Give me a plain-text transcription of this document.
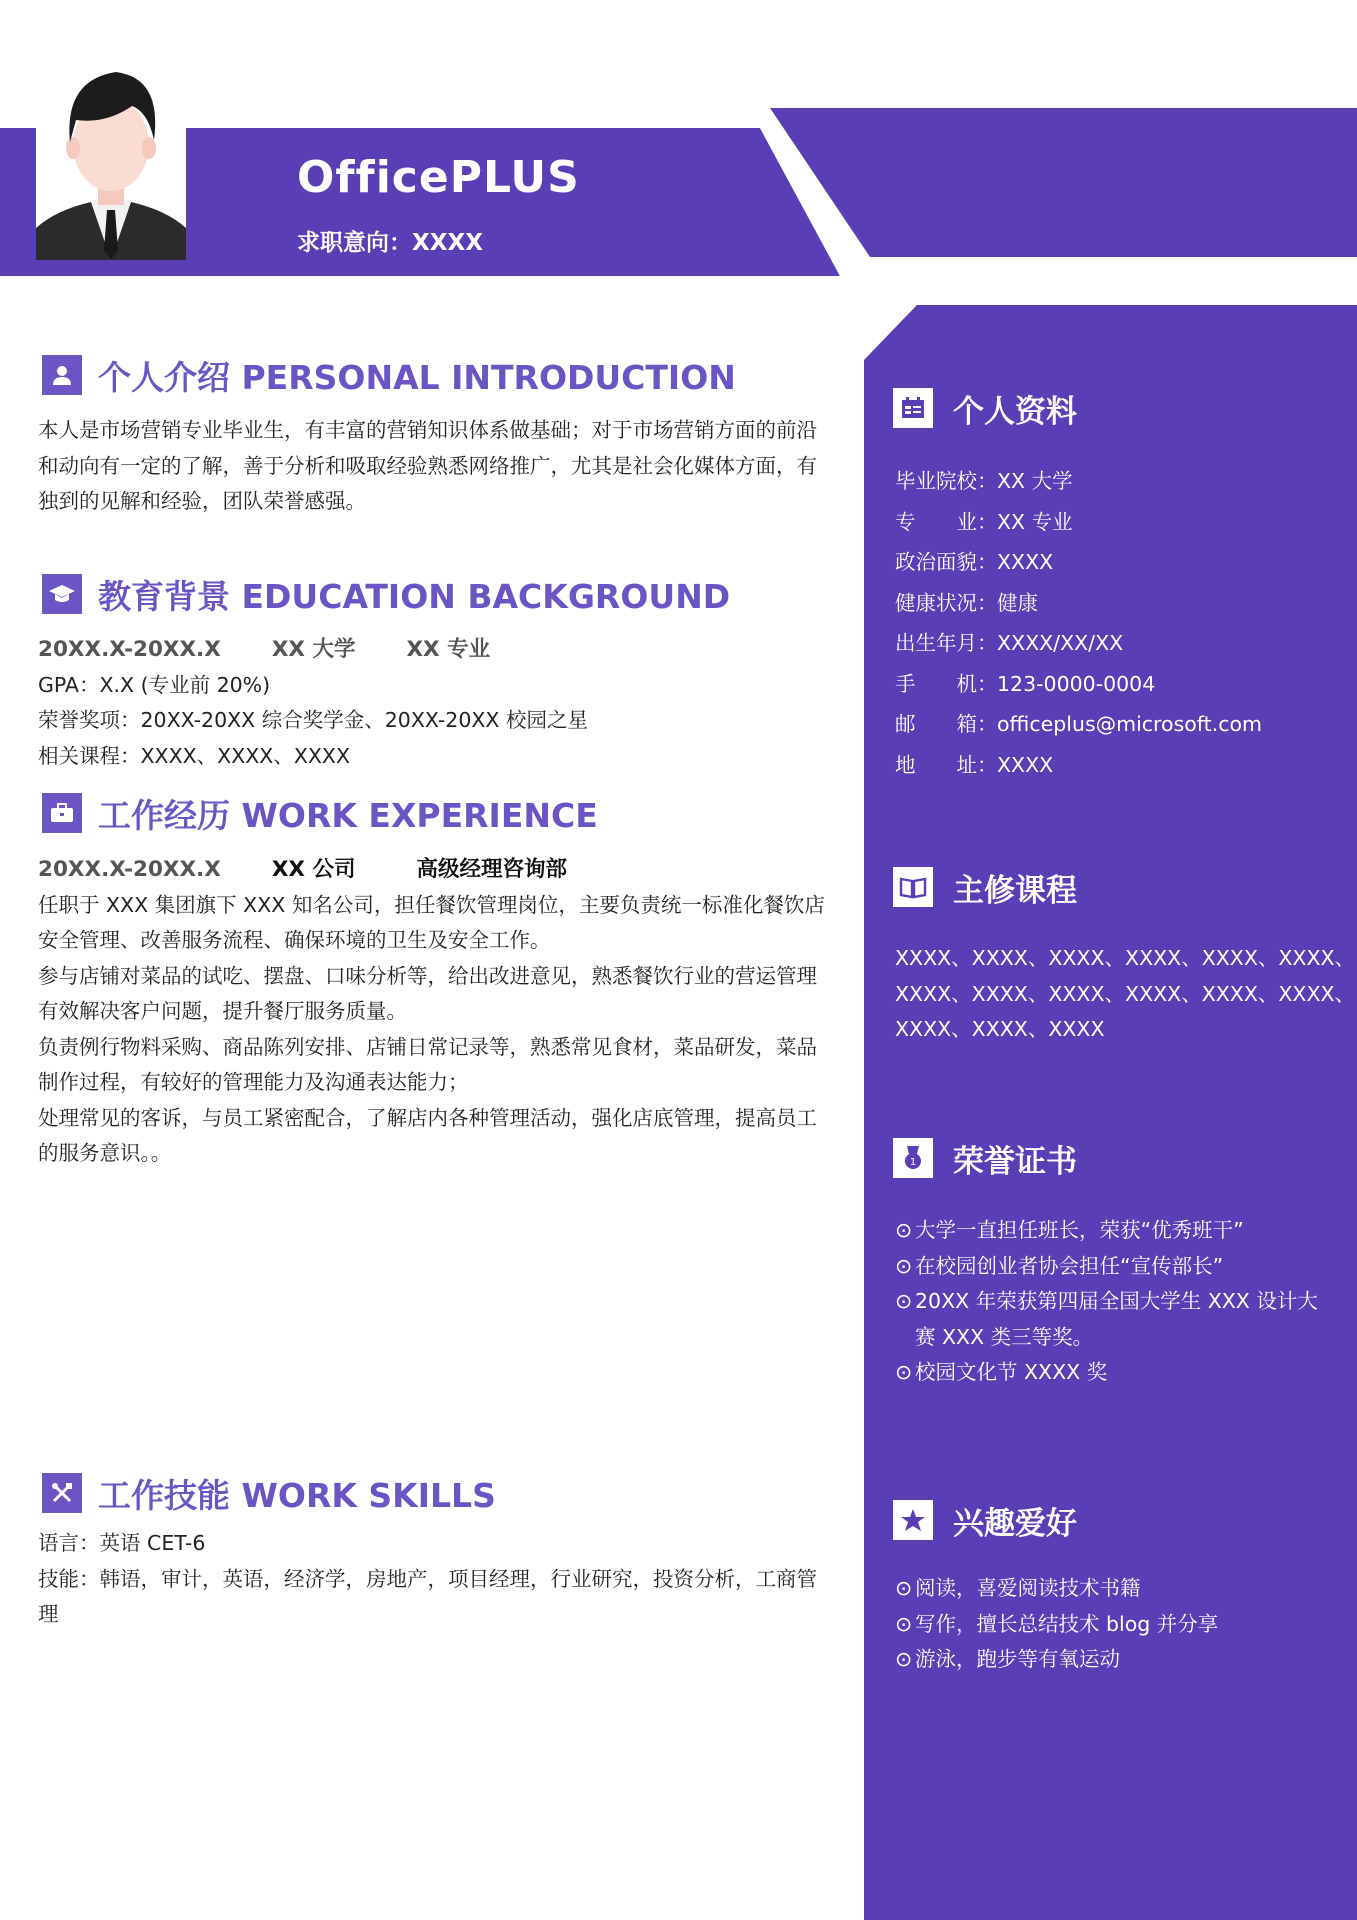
OfficePLUS
求职意向：XXXX
个人介绍 PERSONAL INTRODUCTION
本人是市场营销专业毕业生，有丰富的营销知识体系做基础；对于市场营销方面的前沿
和动向有一定的了解，善于分析和吸取经验熟悉网络推广，尤其是社会化媒体方面，有
独到的见解和经验，团队荣誉感强。
教育背景 EDUCATION BACKGROUND
20XX.X-20XX.X XX 大学 XX 专业
GPA：X.X (专业前 20%)
荣誉奖项：20XX-20XX 综合奖学金、20XX-20XX 校园之星
相关课程：XXXX、XXXX、XXXX
工作经历 WORK EXPERIENCE
20XX.X-20XX.X XX 公司	高级经理咨询部
任职于 XXX 集团旗下 XXX 知名公司，担任餐饮管理岗位，主要负责统一标准化餐饮店
安全管理、改善服务流程、确保环境的卫生及安全工作。
参与店铺对菜品的试吃、摆盘、口味分析等，给出改进意见，熟悉餐饮行业的营运管理
有效解决客户问题，提升餐厅服务质量。
负责例行物料采购、商品陈列安排、店铺日常记录等，熟悉常见食材，菜品研发，菜品
制作过程，有较好的管理能力及沟通表达能力；
处理常见的客诉，与员工紧密配合，了解店内各种管理活动，强化店底管理，提高员工
的服务意识。。
工作技能 WORK SKILLS
语言：英语 CET-6
技能：韩语，审计，英语，经济学，房地产，项目经理，行业研究，投资分析，工商管
理
个人资料
毕业院校：XX 大学
专　　业：XX 专业
政治面貌：XXXX
健康状况：健康
出生年月：XXXX/XX/XX
手　　机：123-0000-0004
邮　　箱：officeplus@microsoft.com
地　　址：XXXX
主修课程
XXXX、XXXX、XXXX、XXXX、XXXX、XXXX、
XXXX、XXXX、XXXX、XXXX、XXXX、XXXX、
XXXX、XXXX、XXXX
1 荣誉证书
⊙ 大学一直担任班长，荣获“优秀班干”
⊙ 在校园创业者协会担任“宣传部长”
⊙ 20XX 年荣获第四届全国大学生 XXX 设计大
赛 XXX 类三等奖。
⊙ 校园文化节 XXXX 奖
兴趣爱好
⊙ 阅读，喜爱阅读技术书籍
⊙ 写作，擅长总结技术 blog 并分享
⊙ 游泳，跑步等有氧运动
